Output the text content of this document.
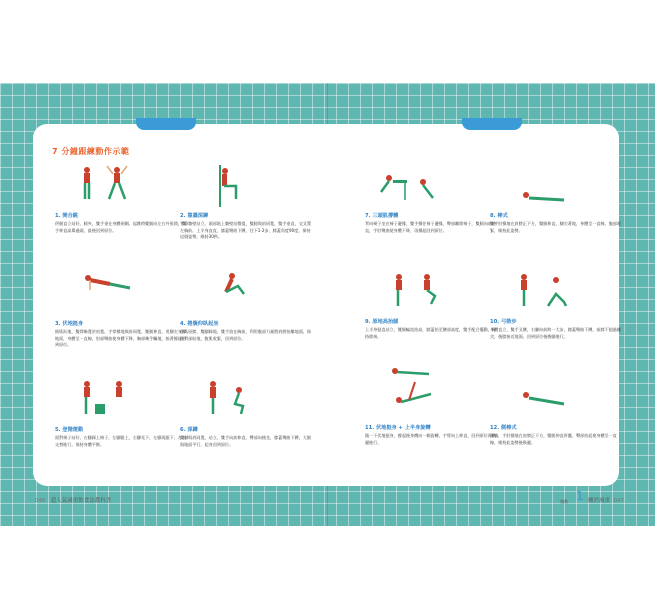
7 分鐘跟練動作示範
1. 開合跳
併腿直立站好，腿夾，雙手垂在身體兩側。起跳時雙腿向左右外張開，雙手伸直高舉過頭，最後回到原位。
2. 靠牆深蹲
背靠牆壁站立，頭部貼上牆壁站穩提，雙腿與肩同寬，雙手垂直，交叉置左胸前。上半身直直，膝蓋彎曲下蹲，往下1-2步，膝蓋角度90度，保持這個姿勢，維持30秒。
3. 伏地挺身
俯臥趴地，雙臂略寬於肩寬，手掌撐地與肩同寬，雙腿伸直，用腳尖支撐地面，身體呈一直線，肘部彎曲使身體下降，胸部幾乎觸地，接著撐起回到原位。
4. 捲腹仰臥起坐
仰臥屈膝，雙腳踩地，雙手放在胸前，利用腹部力量將肩膀抬離地面，保持背部貼地，腹肌收緊，回到原位。
5. 登階運動
面對椅子站好，右腳踩上椅子，左腳跟上，右腳先下，左腳再跟下，左右交替進行，保持身體平衡。
6. 深蹲
雙腳與肩同寬，站立，雙手向前伸直，臀部向後坐，膝蓋彎曲下蹲，大腿與地面平行，起身回到原位。
7. 三頭肌撐體
背向椅子坐在椅子邊緣，雙手撐住椅子邊緣，臀部離開椅子，雙腿向前伸直，手肘彎曲使身體下降，再撐起回到原位。
8. 棒式
雙手肘撐地在肩膀正下方，雙腿伸直，腳尖著地，身體呈一直線，腹部收緊，維持此姿勢。
9. 原地高抬腿
上半身挺直站立，雙腿輪流抬高，膝蓋抬至腰部高度，雙手配合擺動，保持節奏。
10. 弓箭步
身體直立，雙手叉腰，右腳向前跨一大步，膝蓋彎曲下蹲，前膝不超過腳尖，後膝接近地面，回到原位後換腳進行。
11. 伏地挺身 + 上半身旋轉
做一下伏地挺身，撐起後身體向一側旋轉，手臂向上伸直，回到原位再換邊進行。
12. 側棒式
側躺，手肘撐地在肩膀正下方，雙腿伸直併攏，臀部抬起使身體呈一直線，維持此姿勢後換邊。
046 超人氣減重飲食法教科書	運動 1 關於減重 047
